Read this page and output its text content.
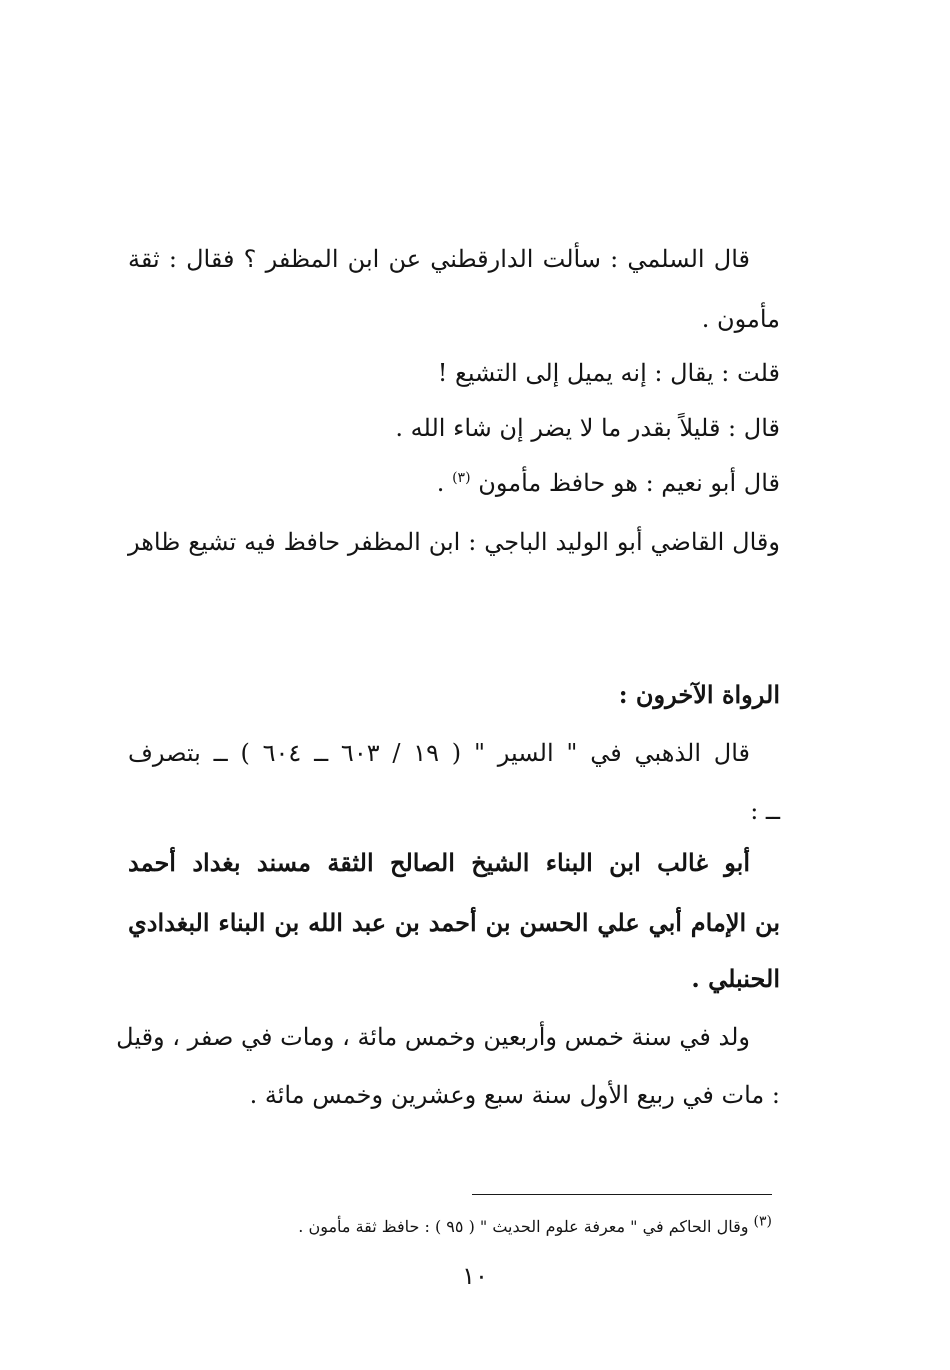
قال السلمي : سألت الدارقطني عن ابن المظفر ؟ فقال : ثقة
مأمون .
قلت : يقال : إنه يميل إلى التشيع !
قال : قليلاً بقدر ما لا يضر إن شاء الله .
قال أبو نعيم : هو حافظ مأمون $^{(٣)}$ .
وقال القاضي أبو الوليد الباجي : ابن المظفر حافظ فيه تشيع ظاهر
الرواة الآخرون :
قال الذهبي في " السير " ( ١٩ / ٦٠٣ ــ ٦٠٤ ) ــ بتصرف
ــ :
أبو غالب ابن البناء الشيخ الصالح الثقة مسند بغداد أحمد
بن الإمام أبي علي الحسن بن أحمد بن عبد الله بن البناء البغدادي
الحنبلي .
ولد في سنة خمس وأربعين وخمس مائة ، ومات في صفر ، وقيل
: مات في ربيع الأول سنة سبع وعشرين وخمس مائة .
(٣) وقال الحاكم في " معرفة علوم الحديث " ( ٩٥ ) : حافظ ثقة مأمون .
١٠
